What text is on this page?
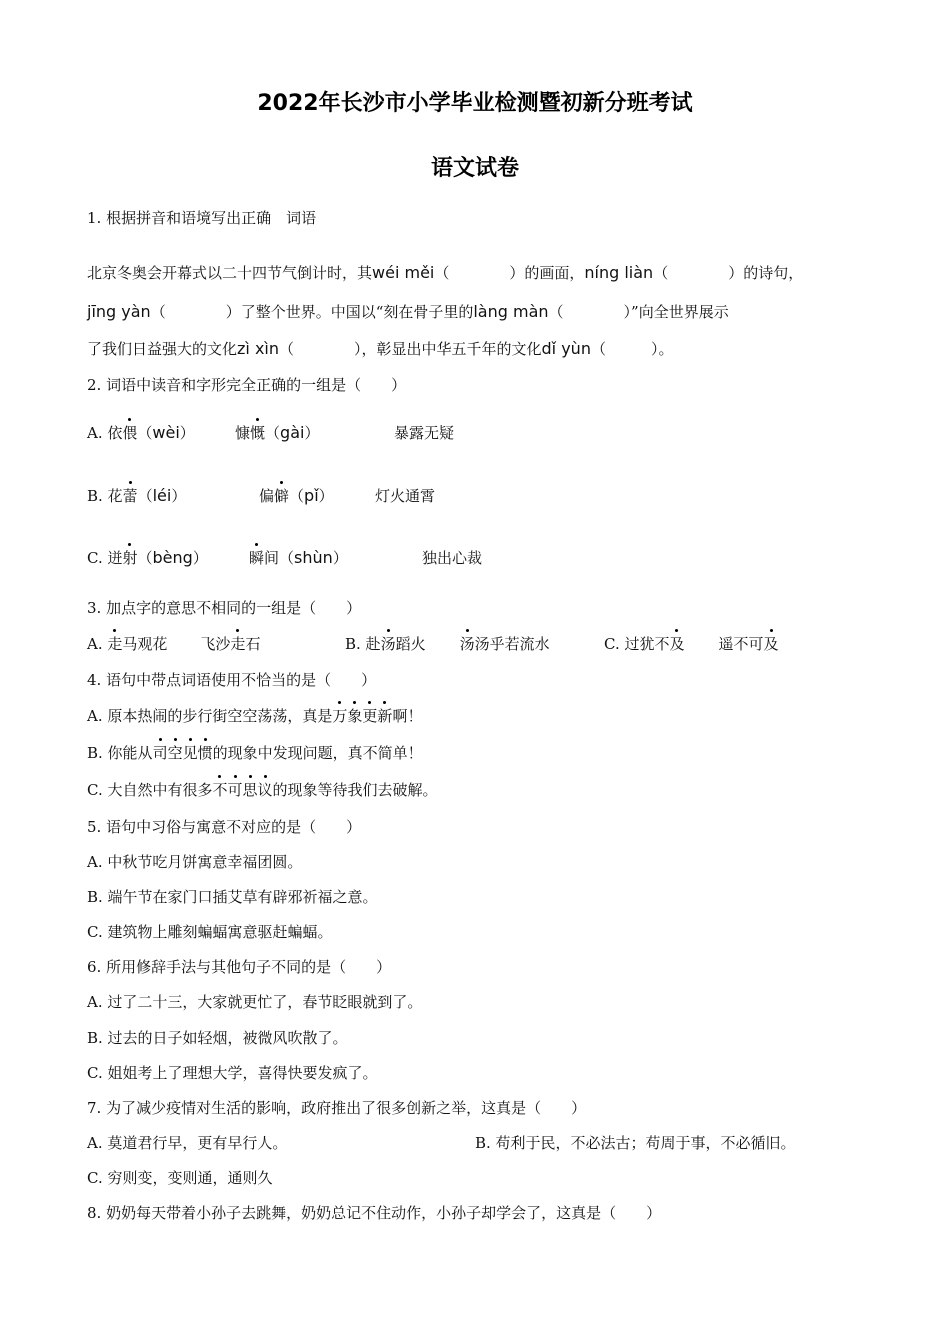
2022年长沙市小学毕业检测暨初新分班考试
语文试卷
1. 根据拼音和语境写出正确　词语
北京冬奥会开幕式以二十四节气倒计时，其wéi měi（　　　　）的画面，níng liàn（　　　　）的诗句，
jīng yàn（　　　　）了整个世界。中国以“刻在骨子里的làng màn（　　　　）”向全世界展示
了我们日益强大的文化zì xìn（　　　　），彰显出中华五千年的文化dǐ yùn（　　　）。
2. 词语中读音和字形完全正确的一组是（　　）
A. 依偎（wèi）	慷慨（gài）	暴露无疑
B. 花蕾（léi）	偏僻（pǐ）	灯火通霄
C. 迸射（bèng）	瞬间（shùn）	独出心裁
3. 加点字的意思不相同的一组是（　　）
A. 走马观花 飞沙走石	B. 赴汤蹈火 汤汤乎若流水	C. 过犹不及 遥不可及
4. 语句中带点词语使用不恰当的是（　　）
A. 原本热闹的步行街空空荡荡，真是万象更新啊！
B. 你能从司空见惯的现象中发现问题，真不简单！
C. 大自然中有很多不可思议的现象等待我们去破解。
5. 语句中习俗与寓意不对应的是（　　）
A. 中秋节吃月饼寓意幸福团圆。
B. 端午节在家门口插艾草有辟邪祈福之意。
C. 建筑物上雕刻蝙蝠寓意驱赶蝙蝠。
6. 所用修辞手法与其他句子不同的是（　　）
A. 过了二十三，大家就更忙了，春节眨眼就到了。
B. 过去的日子如轻烟，被微风吹散了。
C. 姐姐考上了理想大学，喜得快要发疯了。
7. 为了减少疫情对生活的影响，政府推出了很多创新之举，这真是（　　）
A. 莫道君行早，更有早行人。	B. 苟利于民，不必法古；苟周于事，不必循旧。
C. 穷则变，变则通，通则久
8. 奶奶每天带着小孙子去跳舞，奶奶总记不住动作，小孙子却学会了，这真是（　　）
